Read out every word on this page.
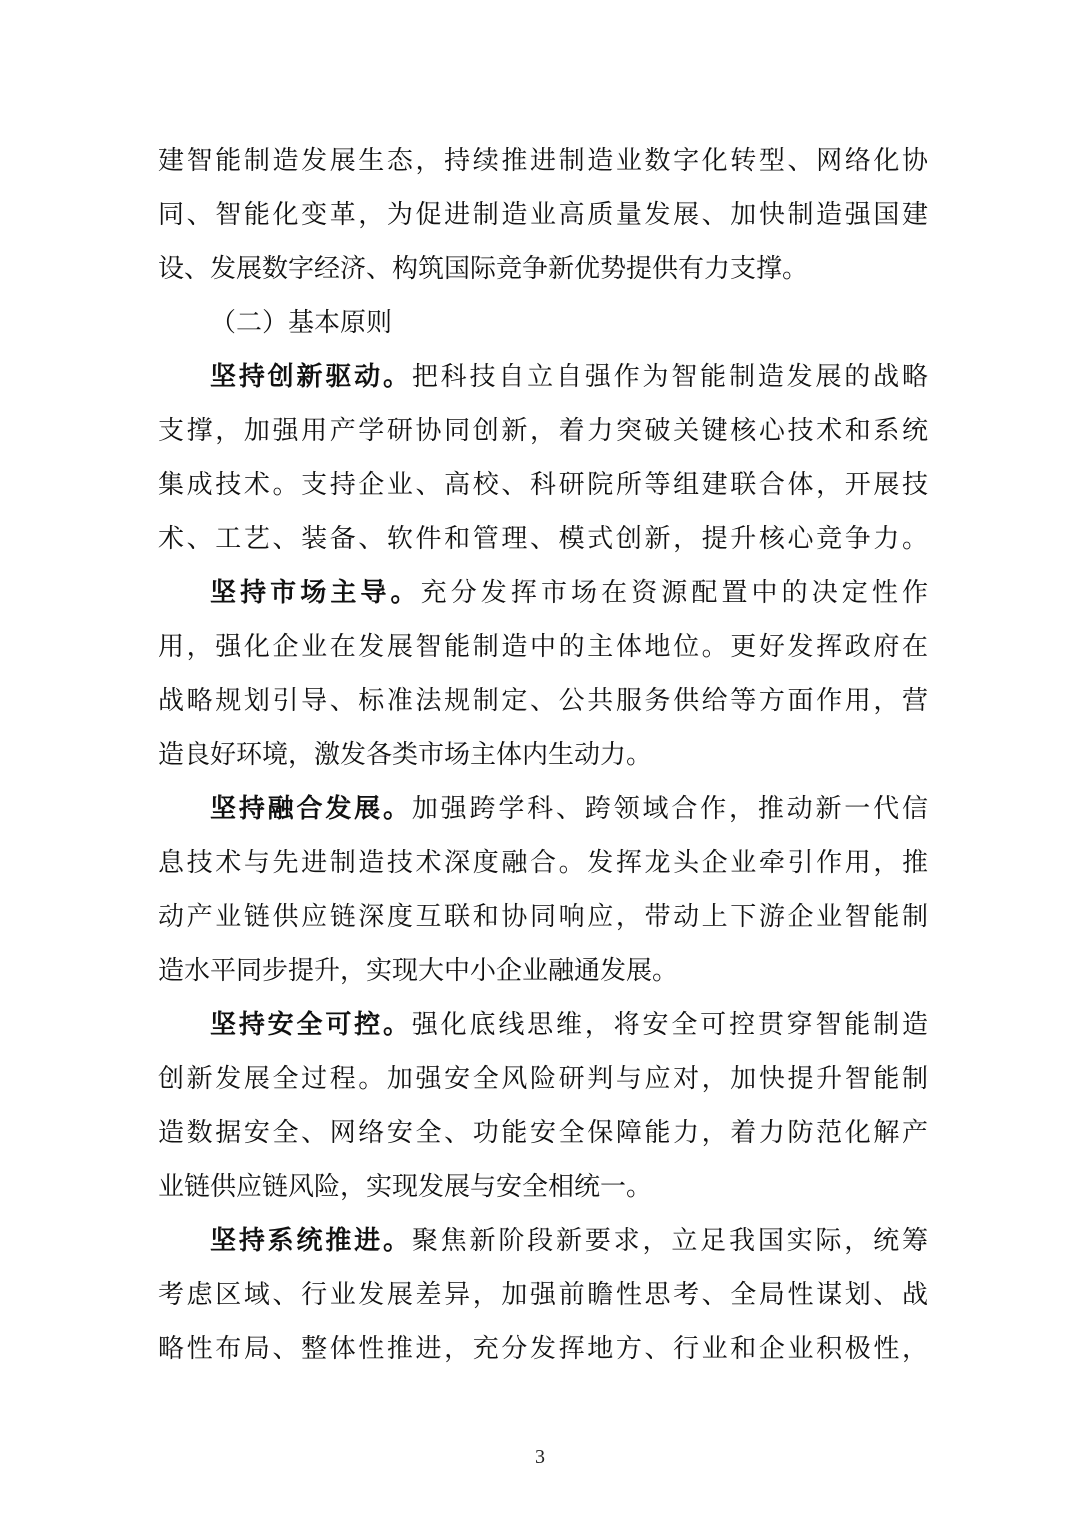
建智能制造发展生态，持续推进制造业数字化转型、网络化协
同、智能化变革，为促进制造业高质量发展、加快制造强国建
设、发展数字经济、构筑国际竞争新优势提供有力支撑。
（二）基本原则
坚持创新驱动。把科技自立自强作为智能制造发展的战略
支撑，加强用产学研协同创新，着力突破关键核心技术和系统
集成技术。支持企业、高校、科研院所等组建联合体，开展技
术、工艺、装备、软件和管理、模式创新，提升核心竞争力。
坚持市场主导。充分发挥市场在资源配置中的决定性作
用，强化企业在发展智能制造中的主体地位。更好发挥政府在
战略规划引导、标准法规制定、公共服务供给等方面作用，营
造良好环境，激发各类市场主体内生动力。
坚持融合发展。加强跨学科、跨领域合作，推动新一代信
息技术与先进制造技术深度融合。发挥龙头企业牵引作用，推
动产业链供应链深度互联和协同响应，带动上下游企业智能制
造水平同步提升，实现大中小企业融通发展。
坚持安全可控。强化底线思维，将安全可控贯穿智能制造
创新发展全过程。加强安全风险研判与应对，加快提升智能制
造数据安全、网络安全、功能安全保障能力，着力防范化解产
业链供应链风险，实现发展与安全相统一。
坚持系统推进。聚焦新阶段新要求，立足我国实际，统筹
考虑区域、行业发展差异，加强前瞻性思考、全局性谋划、战
略性布局、整体性推进，充分发挥地方、行业和企业积极性，
3
